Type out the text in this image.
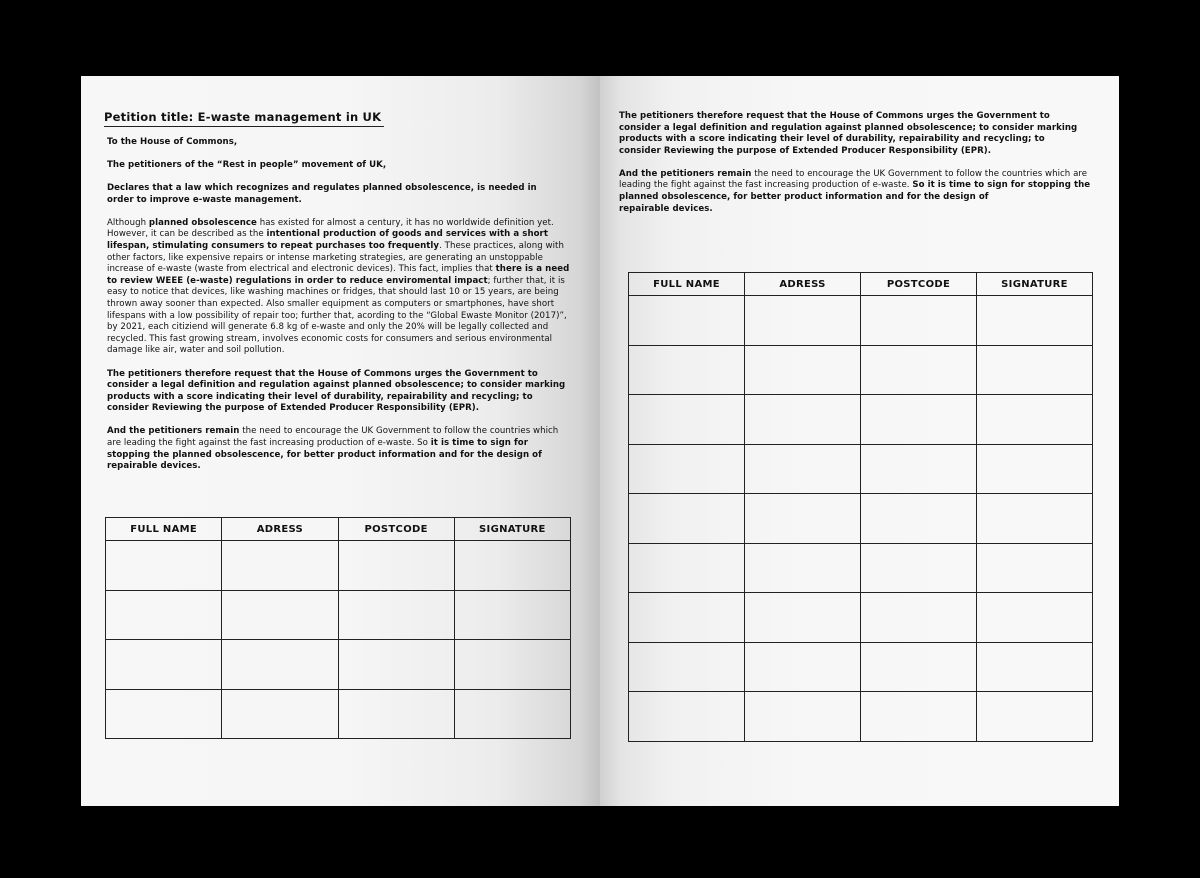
Petition title: E-waste management in UK

To the House of Commons,

The petitioners of the “Rest in people” movement of UK,

Declares that a law which recognizes and regulates planned obsolescence, is needed in order to improve e-waste management.

Although planned obsolescence has existed for almost a century, it has no worldwide definition yet. However, it can be described as the intentional production of goods and services with a short lifespan, stimulating consumers to repeat purchases too frequently. These practices, along with other factors, like expensive repairs or intense marketing strategies, are generating an unstoppable increase of e-waste (waste from electrical and electronic devices). This fact, implies that there is a need to review WEEE (e-waste) regulations in order to reduce enviromental impact; further that, it is easy to notice that devices, like washing machines or fridges, that should last 10 or 15 years, are being thrown away sooner than expected. Also smaller equipment as computers or smartphones, have short lifespans with a low possibility of repair too; further that, acording to the “Global Ewaste Monitor (2017)”, by 2021, each citiziend will generate 6.8 kg of e-waste and only the 20% will be legally collected and recycled. This fast growing stream, involves economic costs for consumers and serious environmental damage like air, water and soil pollution.

The petitioners therefore request that the House of Commons urges the Government to consider a legal definition and regulation against planned obsolescence; to consider marking products with a score indicating their level of durability, repairability and recycling; to consider Reviewing the purpose of Extended Producer Responsibility (EPR).

And the petitioners remain the need to encourage the UK Government to follow the countries which are leading the fight against the fast increasing production of e-waste. So it is time to sign for stopping the planned obsolescence, for better product information and for the design of repairable devices.

FULL NAME	ADRESS	POSTCODE	SIGNATURE

The petitioners therefore request that the House of Commons urges the Government to consider a legal definition and regulation against planned obsolescence; to consider marking products with a score indicating their level of durability, repairability and recycling; to consider Reviewing the purpose of Extended Producer Responsibility (EPR).

And the petitioners remain the need to encourage the UK Government to follow the countries which are leading the fight against the fast increasing production of e-waste. So it is time to sign for stopping the planned obsolescence, for better product information and for the design of
repairable devices.

FULL NAME	ADRESS	POSTCODE	SIGNATURE
